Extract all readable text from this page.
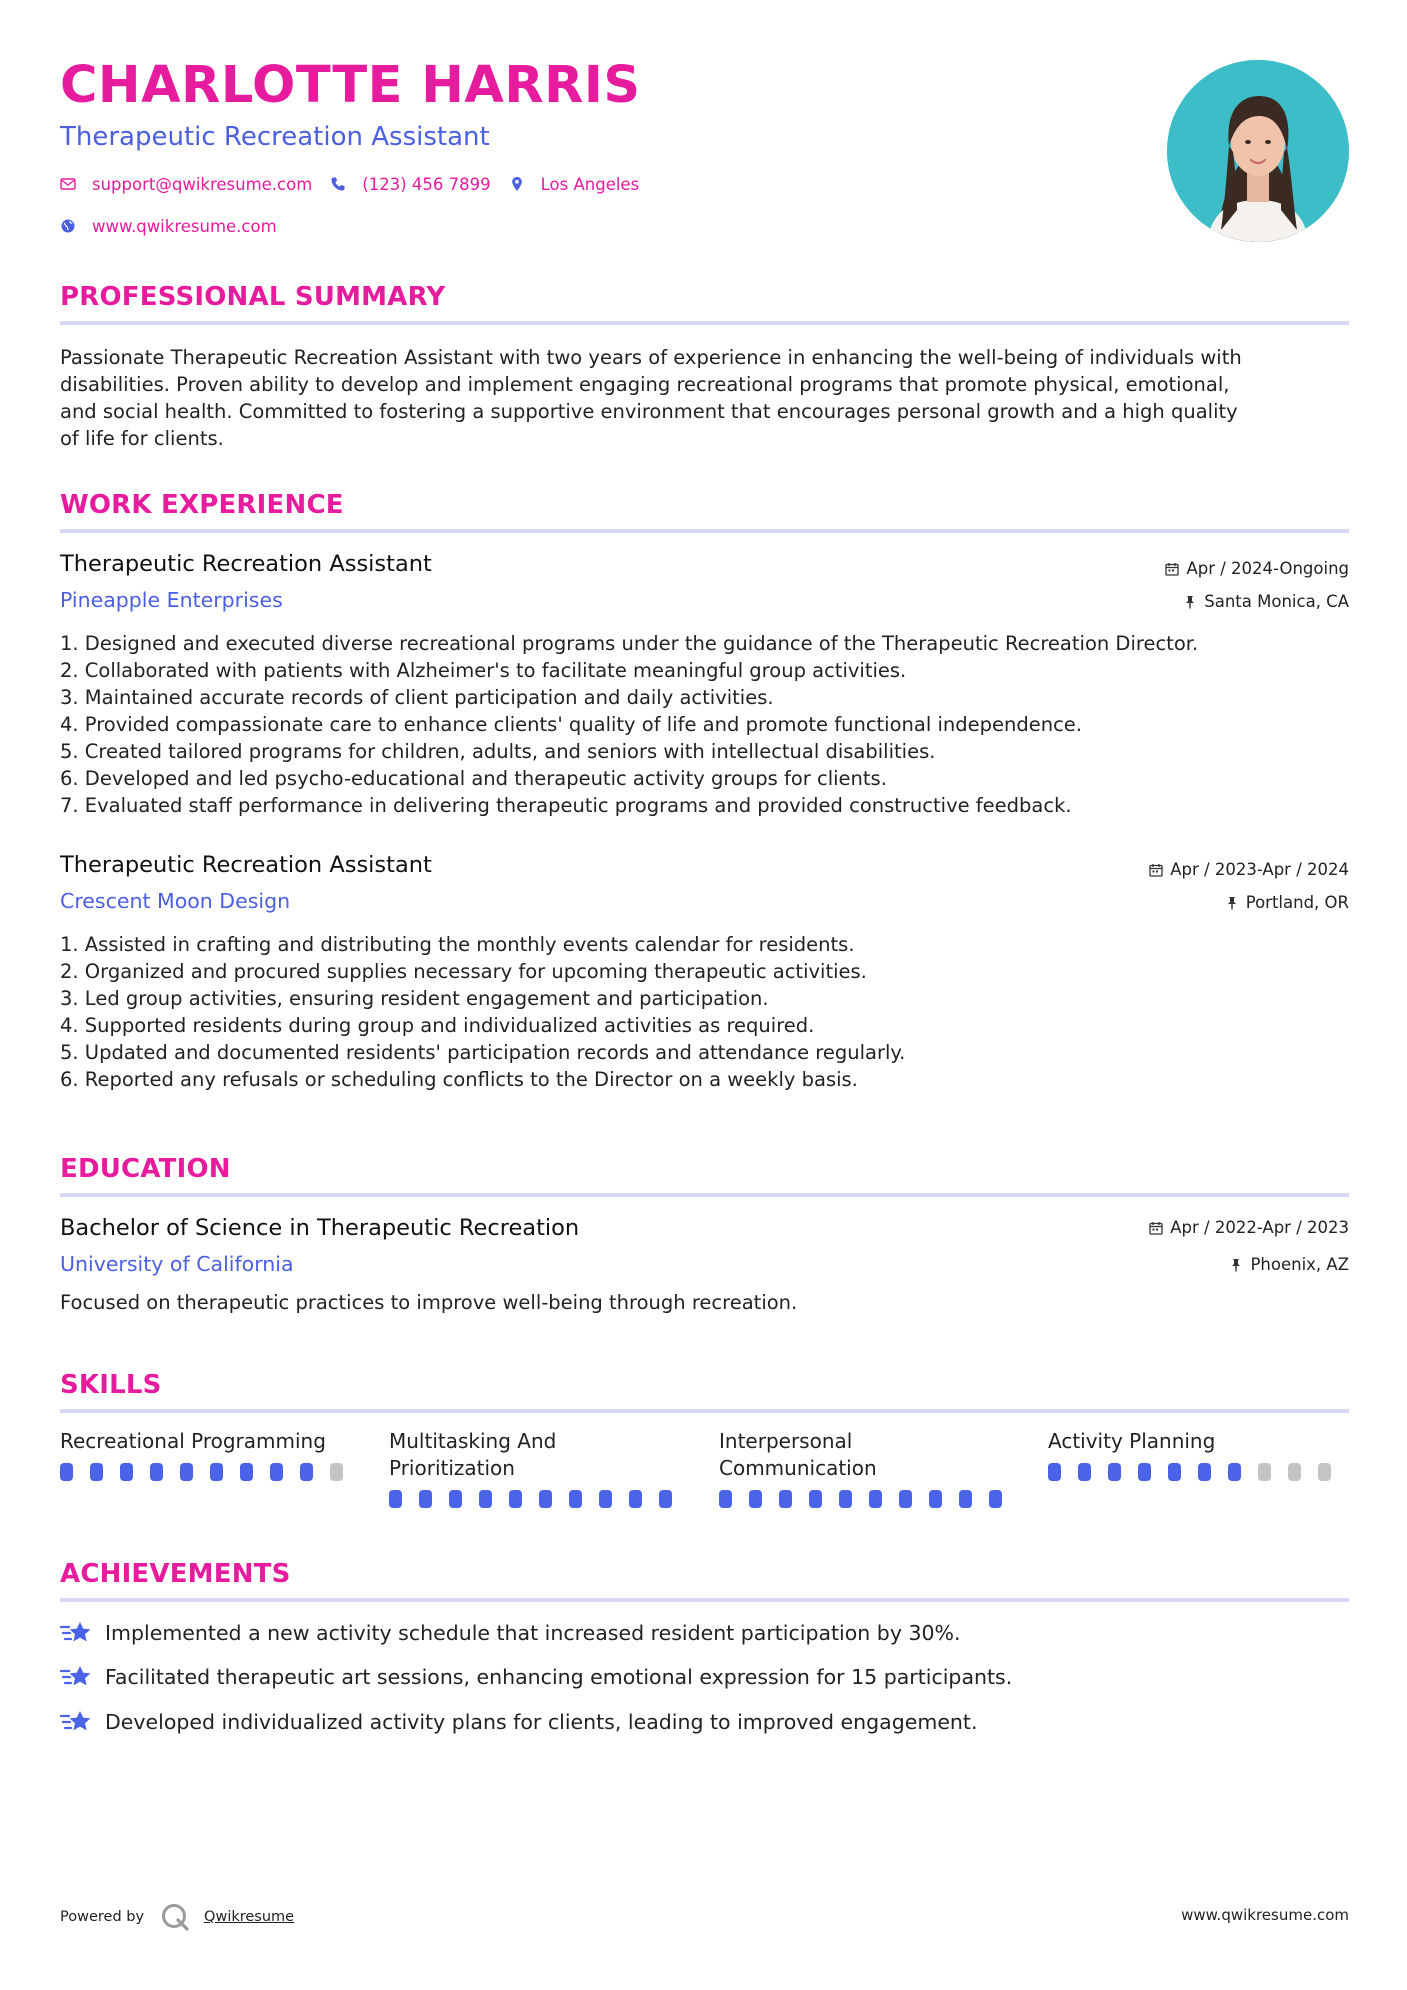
CHARLOTTE HARRIS
Therapeutic Recreation Assistant
support@qwikresume.com	(123) 456 7899	Los Angeles
www.qwikresume.com
PROFESSIONAL SUMMARY
Passionate Therapeutic Recreation Assistant with two years of experience in enhancing the well-being of individuals with
disabilities. Proven ability to develop and implement engaging recreational programs that promote physical, emotional,
and social health. Committed to fostering a supportive environment that encourages personal growth and a high quality
of life for clients.
WORK EXPERIENCE
Therapeutic Recreation Assistant
Pineapple Enterprises
Apr / 2024-Ongoing
Santa Monica, CA
1. Designed and executed diverse recreational programs under the guidance of the Therapeutic Recreation Director.
2. Collaborated with patients with Alzheimer's to facilitate meaningful group activities.
3. Maintained accurate records of client participation and daily activities.
4. Provided compassionate care to enhance clients' quality of life and promote functional independence.
5. Created tailored programs for children, adults, and seniors with intellectual disabilities.
6. Developed and led psycho-educational and therapeutic activity groups for clients.
7. Evaluated staff performance in delivering therapeutic programs and provided constructive feedback.
Therapeutic Recreation Assistant
Crescent Moon Design
Apr / 2023-Apr / 2024
Portland, OR
1. Assisted in crafting and distributing the monthly events calendar for residents.
2. Organized and procured supplies necessary for upcoming therapeutic activities.
3. Led group activities, ensuring resident engagement and participation.
4. Supported residents during group and individualized activities as required.
5. Updated and documented residents' participation records and attendance regularly.
6. Reported any refusals or scheduling conflicts to the Director on a weekly basis.
EDUCATION
Bachelor of Science in Therapeutic Recreation
University of California
Apr / 2022-Apr / 2023
Phoenix, AZ
Focused on therapeutic practices to improve well-being through recreation.
SKILLS
Recreational Programming	Multitasking And
Prioritization
Interpersonal
Communication
Activity Planning
ACHIEVEMENTS
Implemented a new activity schedule that increased resident participation by 30%.
Facilitated therapeutic art sessions, enhancing emotional expression for 15 participants.
Developed individualized activity plans for clients, leading to improved engagement.
Powered by	Qwikresume	www.qwikresume.com
